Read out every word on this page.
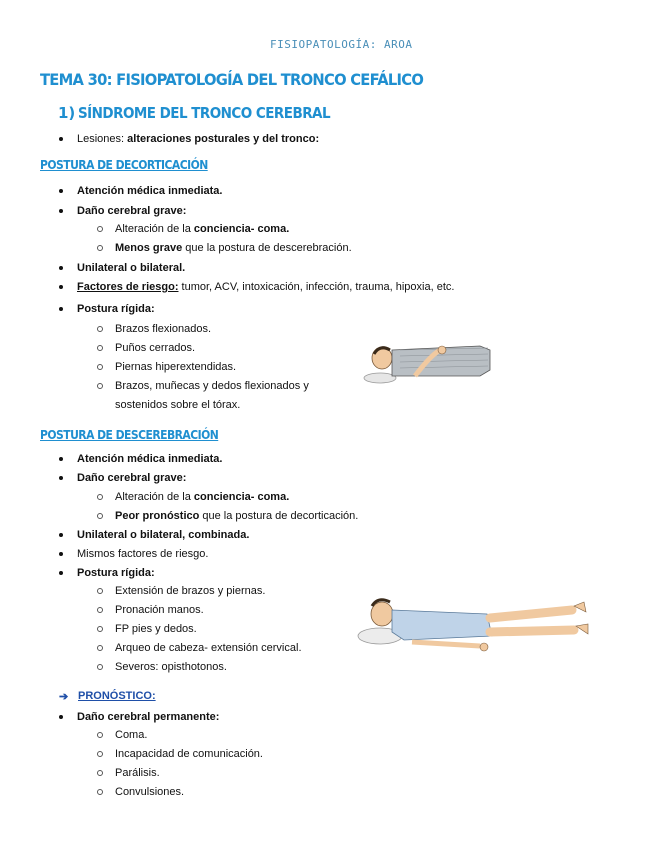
FISIOPATOLOGÍA: AROA
TEMA 30: FISIOPATOLOGÍA DEL TRONCO CEFÁLICO
1) SÍNDROME DEL TRONCO CEREBRAL
Lesiones: alteraciones posturales y del tronco:
POSTURA DE DECORTICACIÓN
Atención médica inmediata.
Daño cerebral grave:
Alteración de la conciencia- coma.
Menos grave que la postura de descerebración.
Unilateral o bilateral.
Factores de riesgo: tumor, ACV, intoxicación, infección, trauma, hipoxia, etc.
Postura rígida:
Brazos flexionados.
Puños cerrados.
Piernas hiperextendidas.
Brazos, muñecas y dedos flexionados y
sostenidos sobre el tórax.
POSTURA DE DESCEREBRACIÓN
Atención médica inmediata.
Daño cerebral grave:
Alteración de la conciencia- coma.
Peor pronóstico que la postura de decorticación.
Unilateral o bilateral, combinada.
Mismos factores de riesgo.
Postura rígida:
Extensión de brazos y piernas.
Pronación manos.
FP pies y dedos.
Arqueo de cabeza- extensión cervical.
Severos: opisthotonos.
➔ PRONÓSTICO:
Daño cerebral permanente:
Coma.
Incapacidad de comunicación.
Parálisis.
Convulsiones.
